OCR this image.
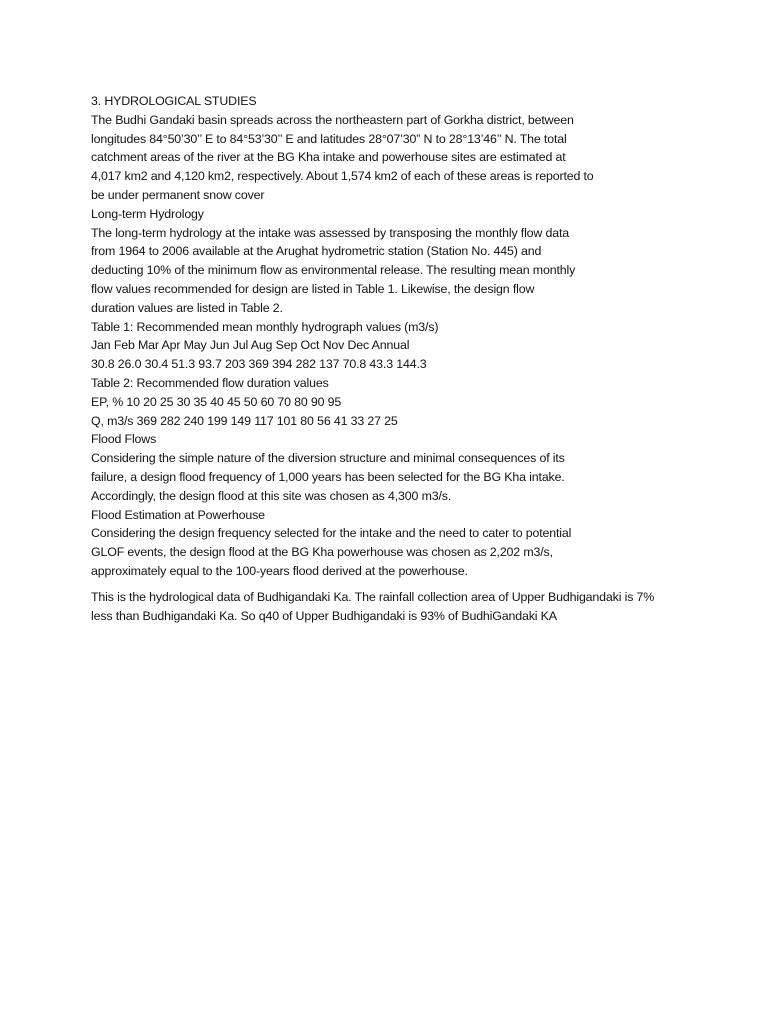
3. HYDROLOGICAL STUDIES
The Budhi Gandaki basin spreads across the northeastern part of Gorkha district, between
longitudes 84°50’30’’ E to 84°53’30’’ E and latitudes 28°07’30” N to 28°13’46’’ N. The total
catchment areas of the river at the BG Kha intake and powerhouse sites are estimated at
4,017 km2 and 4,120 km2, respectively. About 1,574 km2 of each of these areas is reported to
be under permanent snow cover
Long-term Hydrology
The long-term hydrology at the intake was assessed by transposing the monthly flow data
from 1964 to 2006 available at the Arughat hydrometric station (Station No. 445) and
deducting 10% of the minimum flow as environmental release. The resulting mean monthly
flow values recommended for design are listed in Table 1. Likewise, the design flow
duration values are listed in Table 2.
Table 1: Recommended mean monthly hydrograph values (m3/s)
Jan Feb Mar Apr May Jun Jul Aug Sep Oct Nov Dec Annual
30.8 26.0 30.4 51.3 93.7 203 369 394 282 137 70.8 43.3 144.3
Table 2: Recommended flow duration values
EP, % 10 20 25 30 35 40 45 50 60 70 80 90 95
Q, m3/s 369 282 240 199 149 117 101 80 56 41 33 27 25
Flood Flows
Considering the simple nature of the diversion structure and minimal consequences of its
failure, a design flood frequency of 1,000 years has been selected for the BG Kha intake.
Accordingly, the design flood at this site was chosen as 4,300 m3/s.
Flood Estimation at Powerhouse
Considering the design frequency selected for the intake and the need to cater to potential
GLOF events, the design flood at the BG Kha powerhouse was chosen as 2,202 m3/s,
approximately equal to the 100-years flood derived at the powerhouse.
This is the hydrological data of Budhigandaki Ka. The rainfall collection area of Upper Budhigandaki is 7%
less than Budhigandaki Ka. So q40 of Upper Budhigandaki is 93% of BudhiGandaki KA
